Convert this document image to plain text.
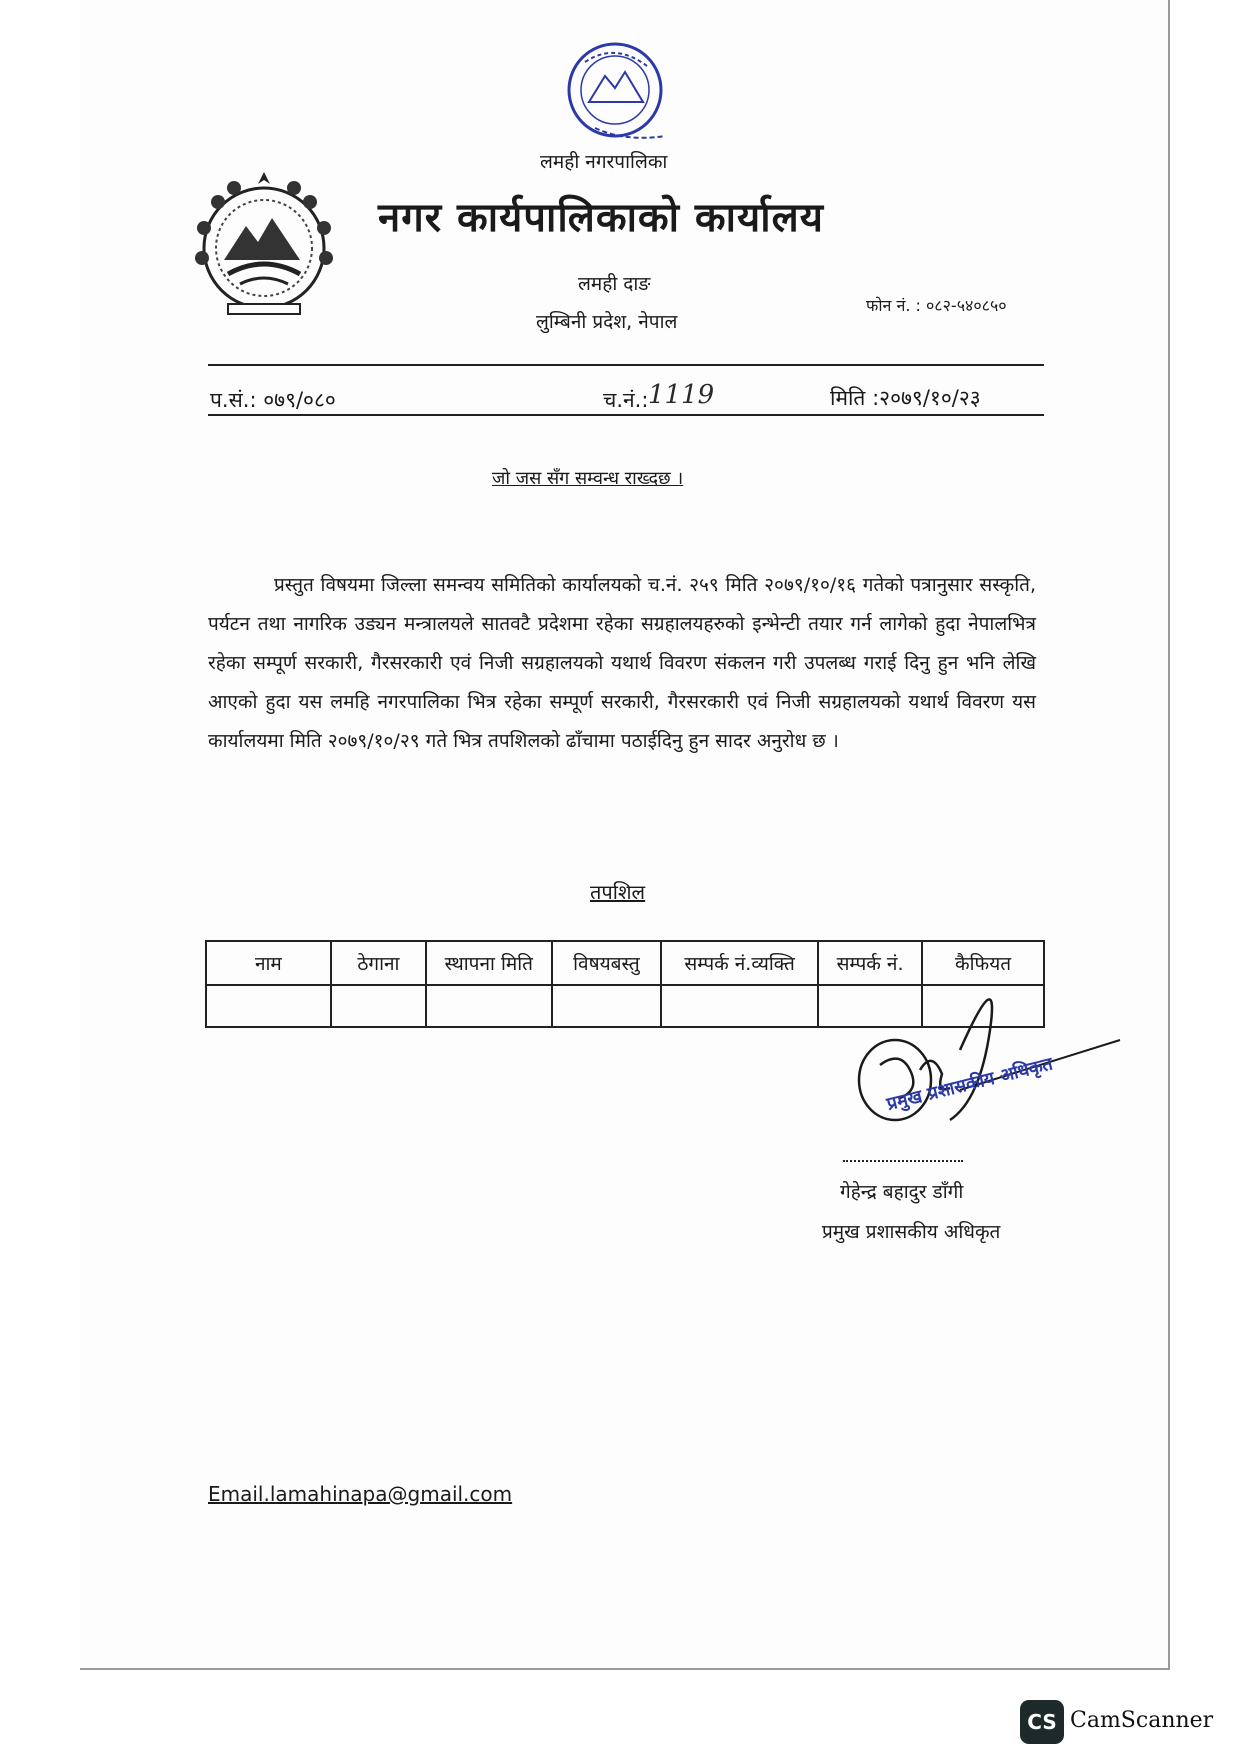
लमही नगरपालिका
नगर कार्यपालिकाको कार्यालय
लमही दाङ
लुम्बिनी प्रदेश, नेपाल
फोन नं. : ०८२-५४०८५०
प.सं.: ०७९/०८०	च.नं.: 1119	मिति :२०७९/१०/२३
जो जस सँग सम्वन्ध राख्दछ ।
प्रस्तुत विषयमा जिल्ला समन्वय समितिको कार्यालयको च.नं. २५९ मिति २०७९/१०/१६ गतेको पत्रानुसार सस्कृति, पर्यटन तथा नागरिक उड्यन मन्त्रालयले सातवटै प्रदेशमा रहेका सग्रहालयहरुको इन्भेन्टी तयार गर्न लागेको हुदा नेपालभित्र रहेका सम्पूर्ण सरकारी, गैरसरकारी एवं निजी सग्रहालयको यथार्थ विवरण संकलन गरी उपलब्ध गराई दिनु हुन भनि लेखि आएको हुदा यस लमहि नगरपालिका भित्र रहेका सम्पूर्ण सरकारी, गैरसरकारी एवं निजी सग्रहालयको यथार्थ विवरण यस कार्यालयमा मिति २०७९/१०/२९ गते भित्र तपशिलको ढाँचामा पठाईदिनु हुन सादर अनुरोध छ ।
तपशिल
नाम	ठेगाना	स्थापना मिति	विषयबस्तु	सम्पर्क नं.व्यक्ति	सम्पर्क नं.	कैफियत

प्रमुख प्रशासकीय अधिकृत
गेहेन्द्र बहादुर डाँगी
प्रमुख प्रशासकीय अधिकृत
Email.lamahinapa@gmail.com
CS CamScanner
